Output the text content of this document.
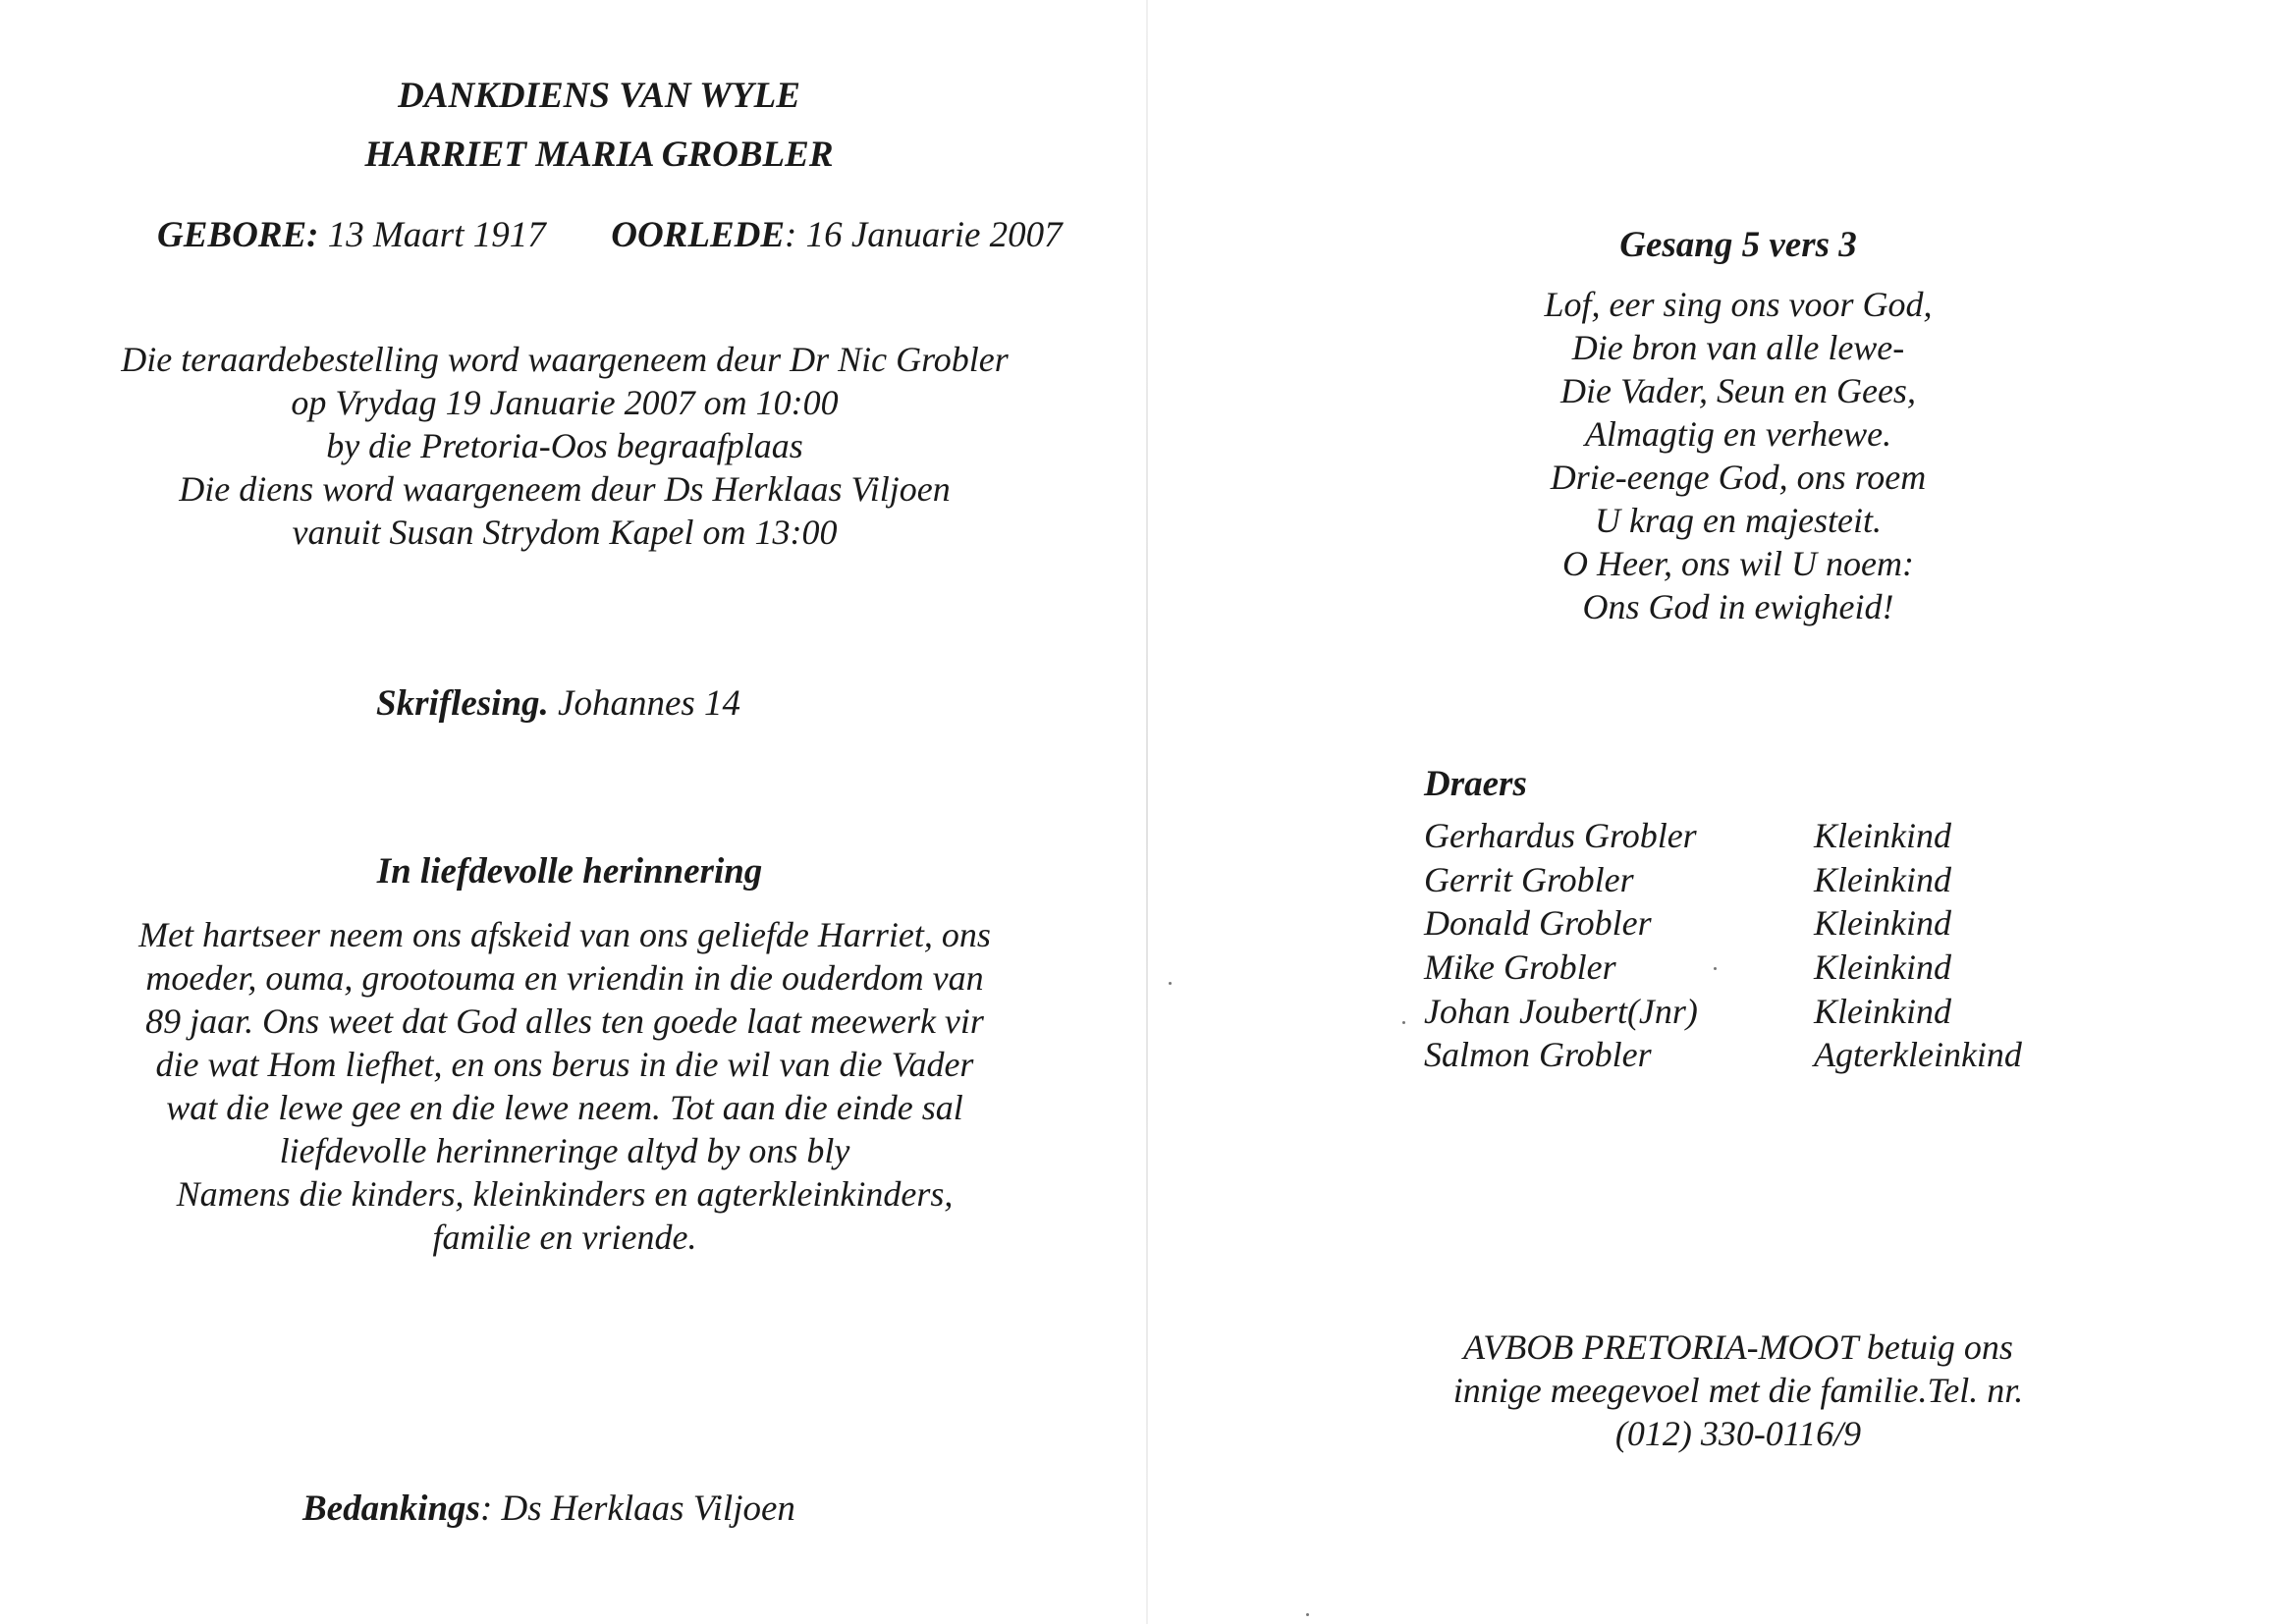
DANKDIENS VAN WYLE
HARRIET MARIA GROBLER
GEBORE: 13 Maart 1917 OORLEDE: 16 Januarie 2007
Die teraardebestelling word waargeneem deur Dr Nic Grobler
op Vrydag 19 Januarie 2007 om 10:00
by die Pretoria-Oos begraafplaas
Die diens word waargeneem deur Ds Herklaas Viljoen
vanuit Susan Strydom Kapel om 13:00
Skriflesing. Johannes 14
In liefdevolle herinnering
Met hartseer neem ons afskeid van ons geliefde Harriet, ons
moeder, ouma, grootouma en vriendin in die ouderdom van
89 jaar. Ons weet dat God alles ten goede laat meewerk vir
die wat Hom liefhet, en ons berus in die wil van die Vader
wat die lewe gee en die lewe neem. Tot aan die einde sal
liefdevolle herinneringe altyd by ons bly
Namens die kinders, kleinkinders en agterkleinkinders,
familie en vriende.
Bedankings: Ds Herklaas Viljoen
Gesang 5 vers 3
Lof, eer sing ons voor God,
Die bron van alle lewe-
Die Vader, Seun en Gees,
Almagtig en verhewe.
Drie-eenge God, ons roem
U krag en majesteit.
O Heer, ons wil U noem:
Ons God in ewigheid!
Draers
Gerhardus Grobler	Kleinkind
Gerrit Grobler	Kleinkind
Donald Grobler	Kleinkind
Mike Grobler	Kleinkind
Johan Joubert(Jnr)	Kleinkind
Salmon Grobler	Agterkleinkind
AVBOB PRETORIA-MOOT betuig ons
innige meegevoel met die familie.Tel. nr.
(012) 330-0116/9
